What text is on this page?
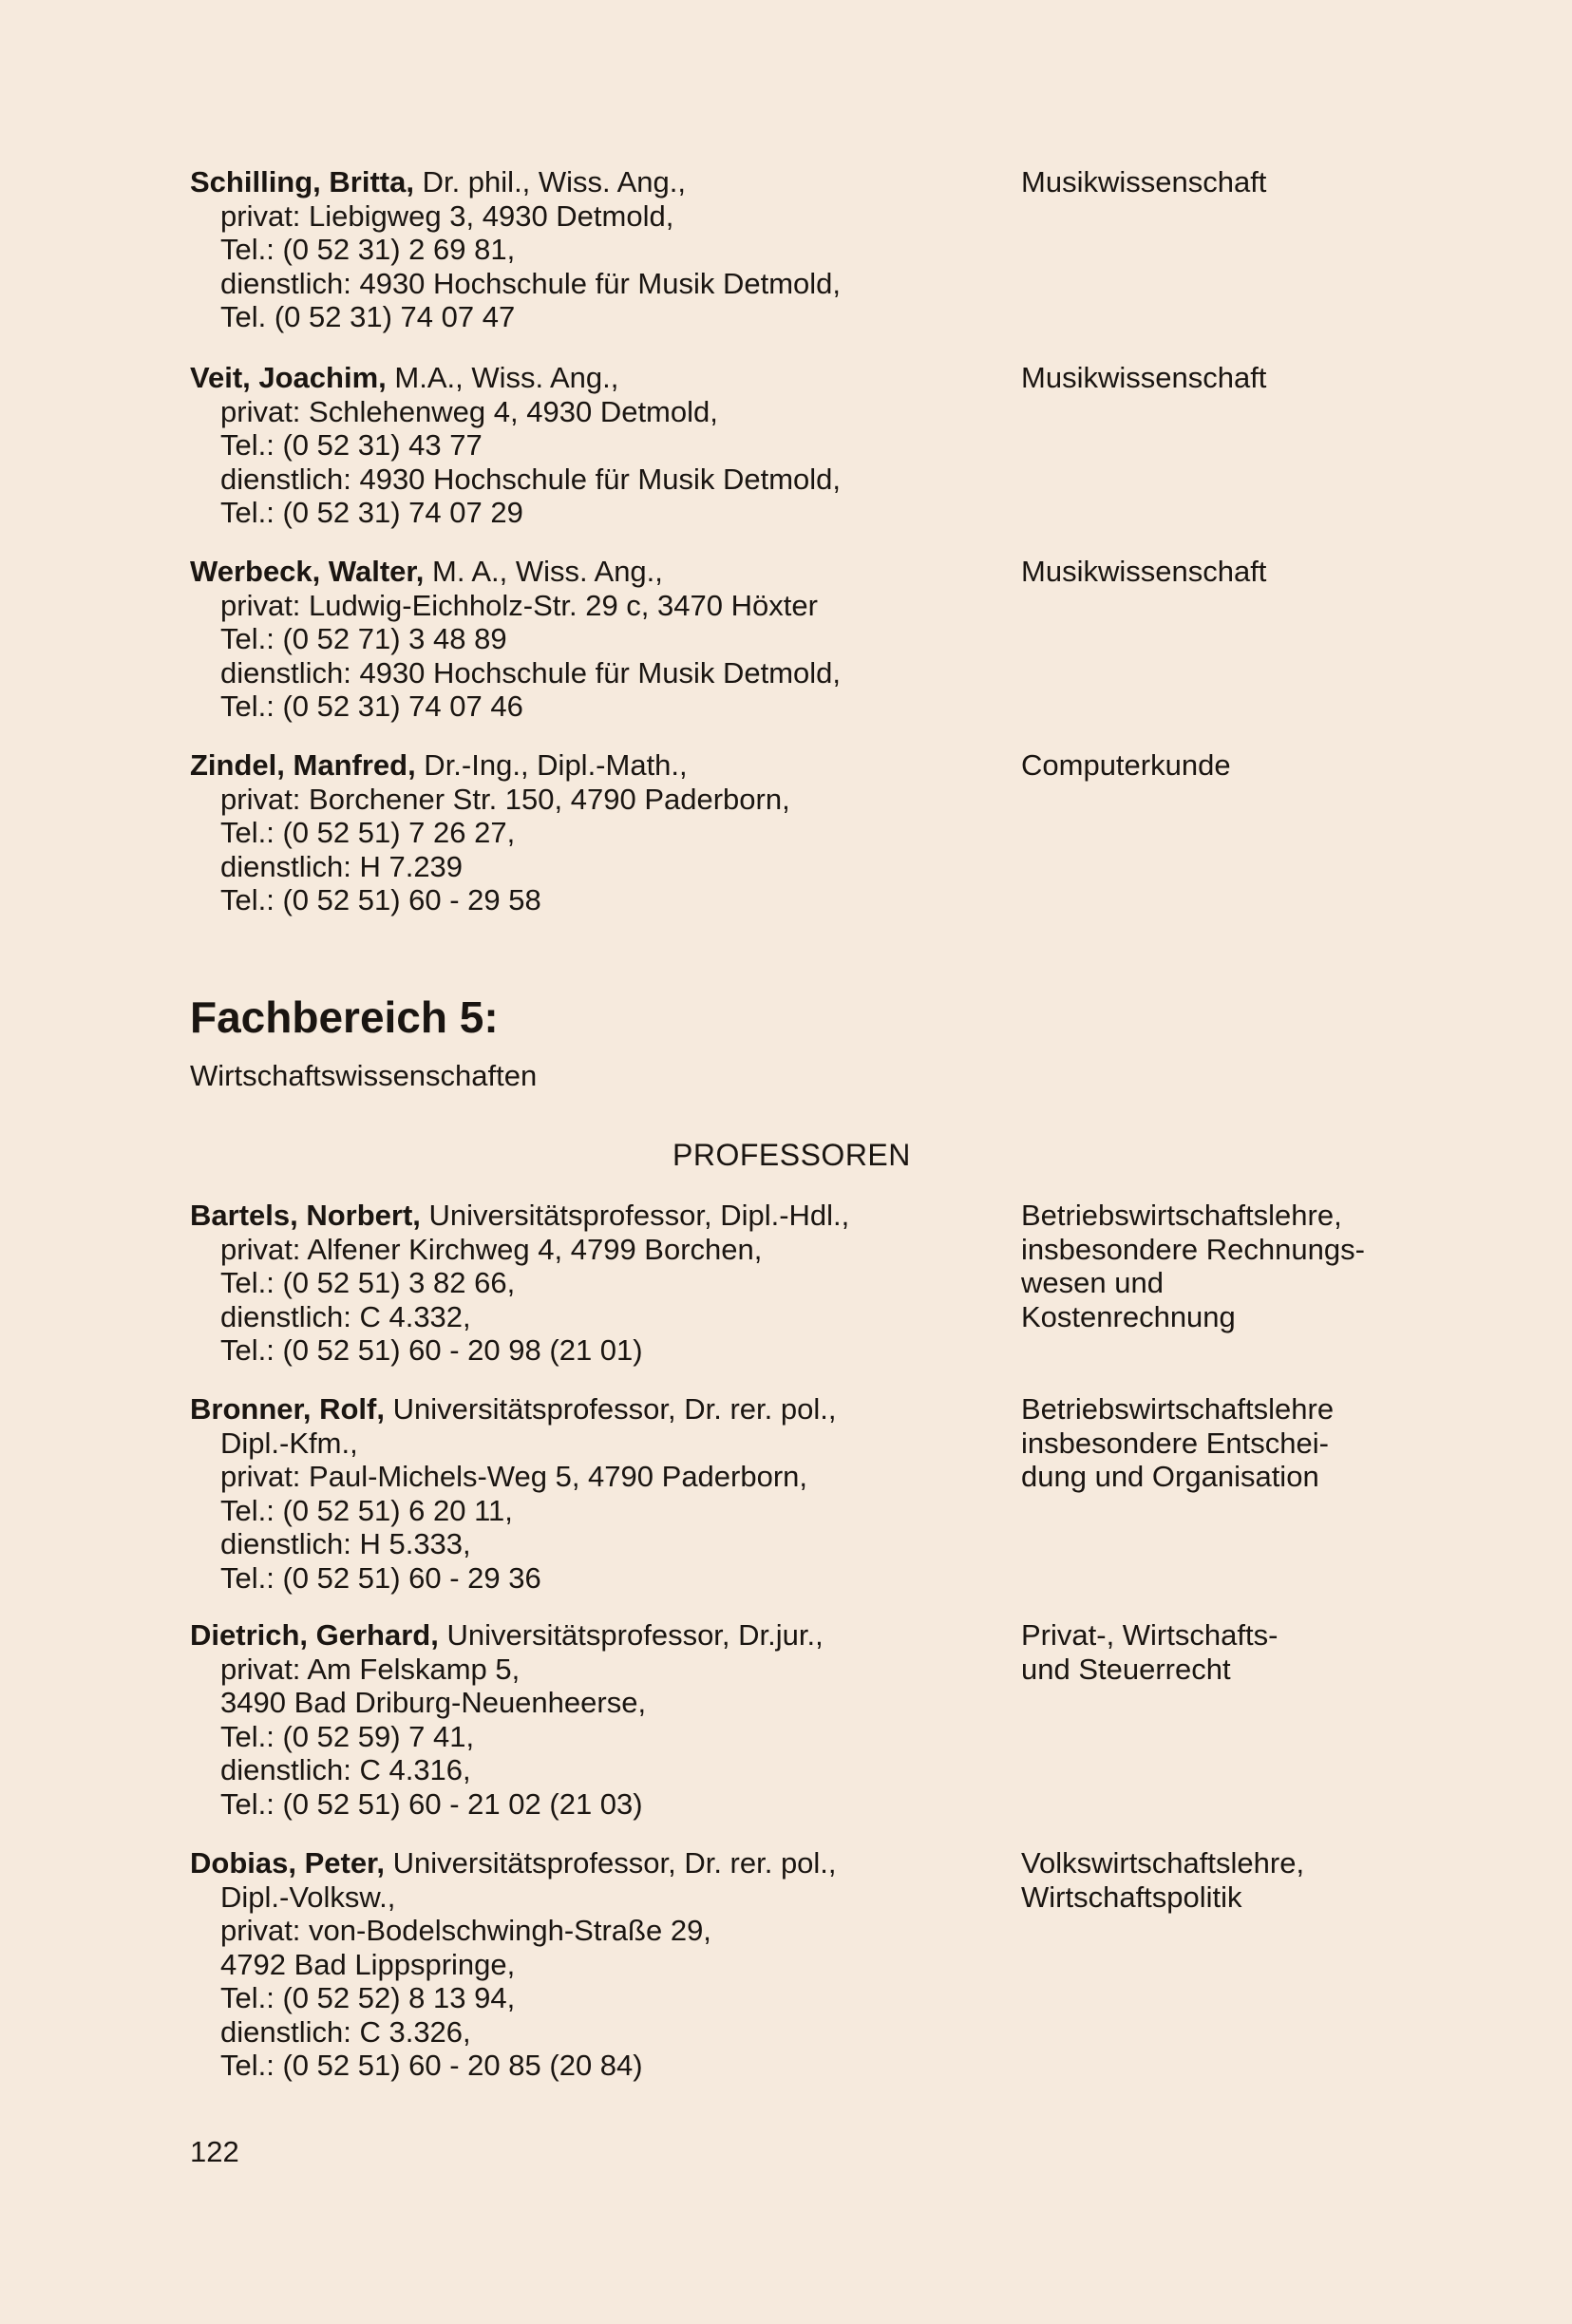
Schilling, Britta, Dr. phil., Wiss. Ang.,
privat: Liebigweg 3, 4930 Detmold,
Tel.: (0 52 31) 2 69 81,
dienstlich: 4930 Hochschule für Musik Detmold,
Tel. (0 52 31) 74 07 47
Musikwissenschaft
Veit, Joachim, M.A., Wiss. Ang.,
privat: Schlehenweg 4, 4930 Detmold,
Tel.: (0 52 31) 43 77
dienstlich: 4930 Hochschule für Musik Detmold,
Tel.: (0 52 31) 74 07 29
Musikwissenschaft
Werbeck, Walter, M. A., Wiss. Ang.,
privat: Ludwig-Eichholz-Str. 29 c, 3470 Höxter
Tel.: (0 52 71) 3 48 89
dienstlich: 4930 Hochschule für Musik Detmold,
Tel.: (0 52 31) 74 07 46
Musikwissenschaft
Zindel, Manfred, Dr.-Ing., Dipl.-Math.,
privat: Borchener Str. 150, 4790 Paderborn,
Tel.: (0 52 51) 7 26 27,
dienstlich: H 7.239
Tel.: (0 52 51) 60 - 29 58
Computerkunde
Fachbereich 5:
Wirtschaftswissenschaften
PROFESSOREN
Bartels, Norbert, Universitätsprofessor, Dipl.-Hdl.,
privat: Alfener Kirchweg 4, 4799 Borchen,
Tel.: (0 52 51) 3 82 66,
dienstlich: C 4.332,
Tel.: (0 52 51) 60 - 20 98 (21 01)
Betriebswirtschaftslehre,
insbesondere Rechnungs-
wesen und
Kostenrechnung
Bronner, Rolf, Universitätsprofessor, Dr. rer. pol.,
Dipl.-Kfm.,
privat: Paul-Michels-Weg 5, 4790 Paderborn,
Tel.: (0 52 51) 6 20 11,
dienstlich: H 5.333,
Tel.: (0 52 51) 60 - 29 36
Betriebswirtschaftslehre
insbesondere Entschei-
dung und Organisation
Dietrich, Gerhard, Universitätsprofessor, Dr.jur.,
privat: Am Felskamp 5,
3490 Bad Driburg-Neuenheerse,
Tel.: (0 52 59) 7 41,
dienstlich: C 4.316,
Tel.: (0 52 51) 60 - 21 02 (21 03)
Privat-, Wirtschafts-
und Steuerrecht
Dobias, Peter, Universitätsprofessor, Dr. rer. pol.,
Dipl.-Volksw.,
privat: von-Bodelschwingh-Straße 29,
4792 Bad Lippspringe,
Tel.: (0 52 52) 8 13 94,
dienstlich: C 3.326,
Tel.: (0 52 51) 60 - 20 85 (20 84)
Volkswirtschaftslehre,
Wirtschaftspolitik
122
